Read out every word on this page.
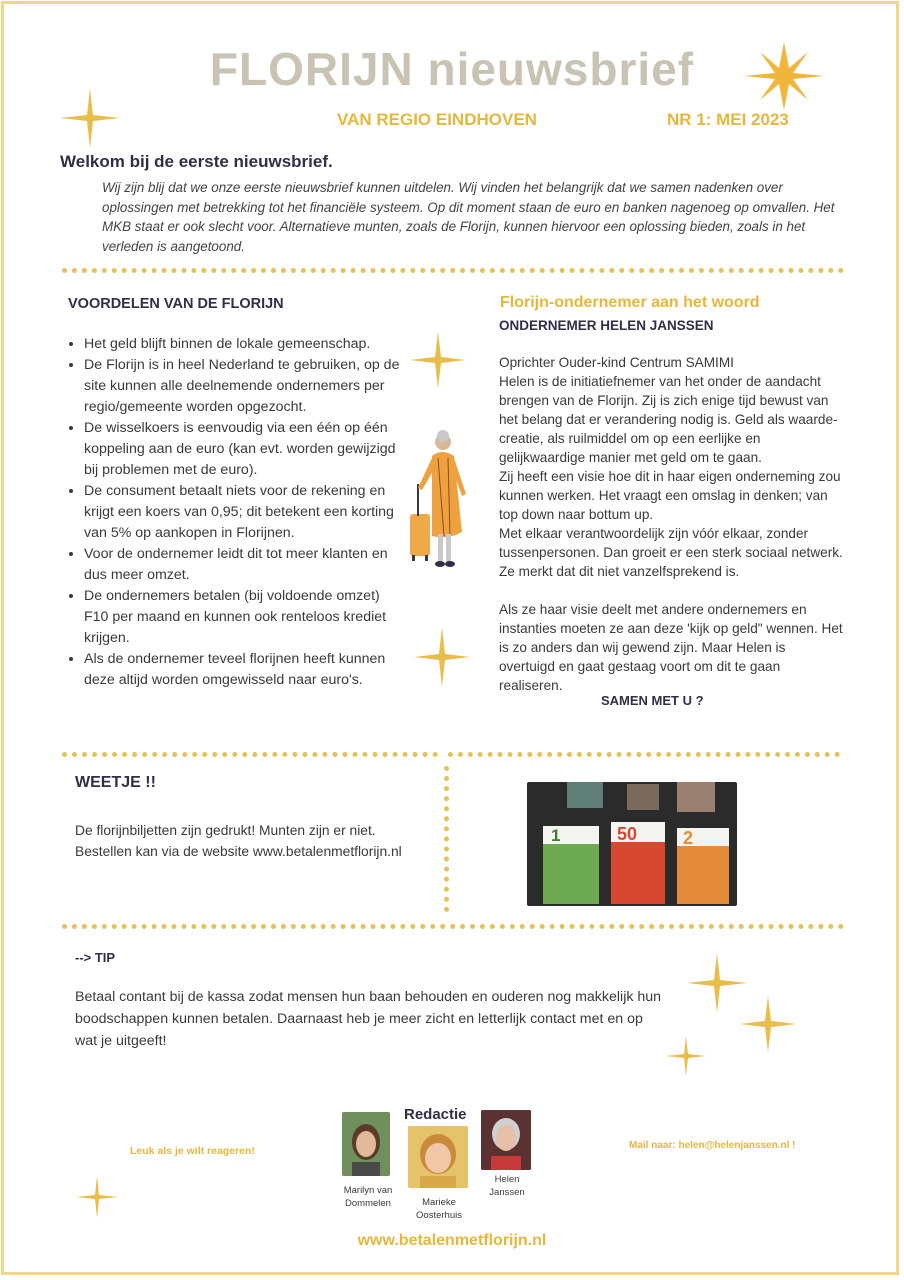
FLORIJN nieuwsbrief
VAN REGIO EINDHOVEN	NR 1: MEI 2023
Welkom bij de eerste nieuwsbrief.
Wij zijn blij dat we onze eerste nieuwsbrief kunnen uitdelen. Wij vinden het belangrijk dat we samen nadenken over oplossingen met betrekking tot het financiële systeem. Op dit moment staan de euro en banken nagenoeg op omvallen. Het MKB staat er ook slecht voor. Alternatieve munten, zoals de Florijn, kunnen hiervoor een oplossing bieden, zoals in het verleden is aangetoond.
VOORDELEN VAN DE FLORIJN
• Het geld blijft binnen de lokale gemeenschap.
• De Florijn is in heel Nederland te gebruiken, op de site kunnen alle deelnemende ondernemers per regio/gemeente worden opgezocht.
• De wisselkoers is eenvoudig via een één op één koppeling aan de euro (kan evt. worden gewijzigd bij problemen met de euro).
• De consument betaalt niets voor de rekening en krijgt een koers van 0,95; dit betekent een korting van 5% op aankopen in Florijnen.
• Voor de ondernemer leidt dit tot meer klanten en dus meer omzet.
• De ondernemers betalen (bij voldoende omzet) F10 per maand en kunnen ook renteloos krediet krijgen.
• Als de ondernemer teveel florijnen heeft kunnen deze altijd worden omgewisseld naar euro's.
Florijn-ondernemer aan het woord
ONDERNEMER HELEN JANSSEN

Oprichter Ouder-kind Centrum SAMIMI

Helen is de initiatiefnemer van het onder de aandacht brengen van de Florijn. Zij is zich enige tijd bewust van het belang dat er verandering nodig is. Geld als waarde-creatie, als ruilmiddel om op een eerlijke en gelijkwaardige manier met geld om te gaan.

Zij heeft een visie hoe dit in haar eigen onderneming zou kunnen werken. Het vraagt een omslag in denken; van top down naar bottum up.

Met elkaar verantwoordelijk zijn vóór elkaar, zonder tussenpersonen. Dan groeit er een sterk sociaal netwerk. Ze merkt dat dit niet vanzelfsprekend is.

Als ze haar visie deelt met andere ondernemers en instanties moeten ze aan deze 'kijk op geld" wennen. Het is zo anders dan wij gewend zijn. Maar Helen is overtuigd en gaat gestaag voort om dit te gaan realiseren.

SAMEN MET U ?
WEETJE !!
De florijnbiljetten zijn gedrukt! Munten zijn er niet. Bestellen kan via de website www.betalenmetflorijn.nl
1	50	2
--> TIP
Betaal contant bij de kassa zodat mensen hun baan behouden en ouderen nog makkelijk hun boodschappen kunnen betalen. Daarnaast heb je meer zicht en letterlijk contact met en op wat je uitgeeft!
Leuk als je wilt reageren!
Redactie
Mail naar: helen@helenjanssen.nl !
Marilyn van Dommelen	Marieke Oosterhuis
Helen Janssen
www.betalenmetflorijn.nl
